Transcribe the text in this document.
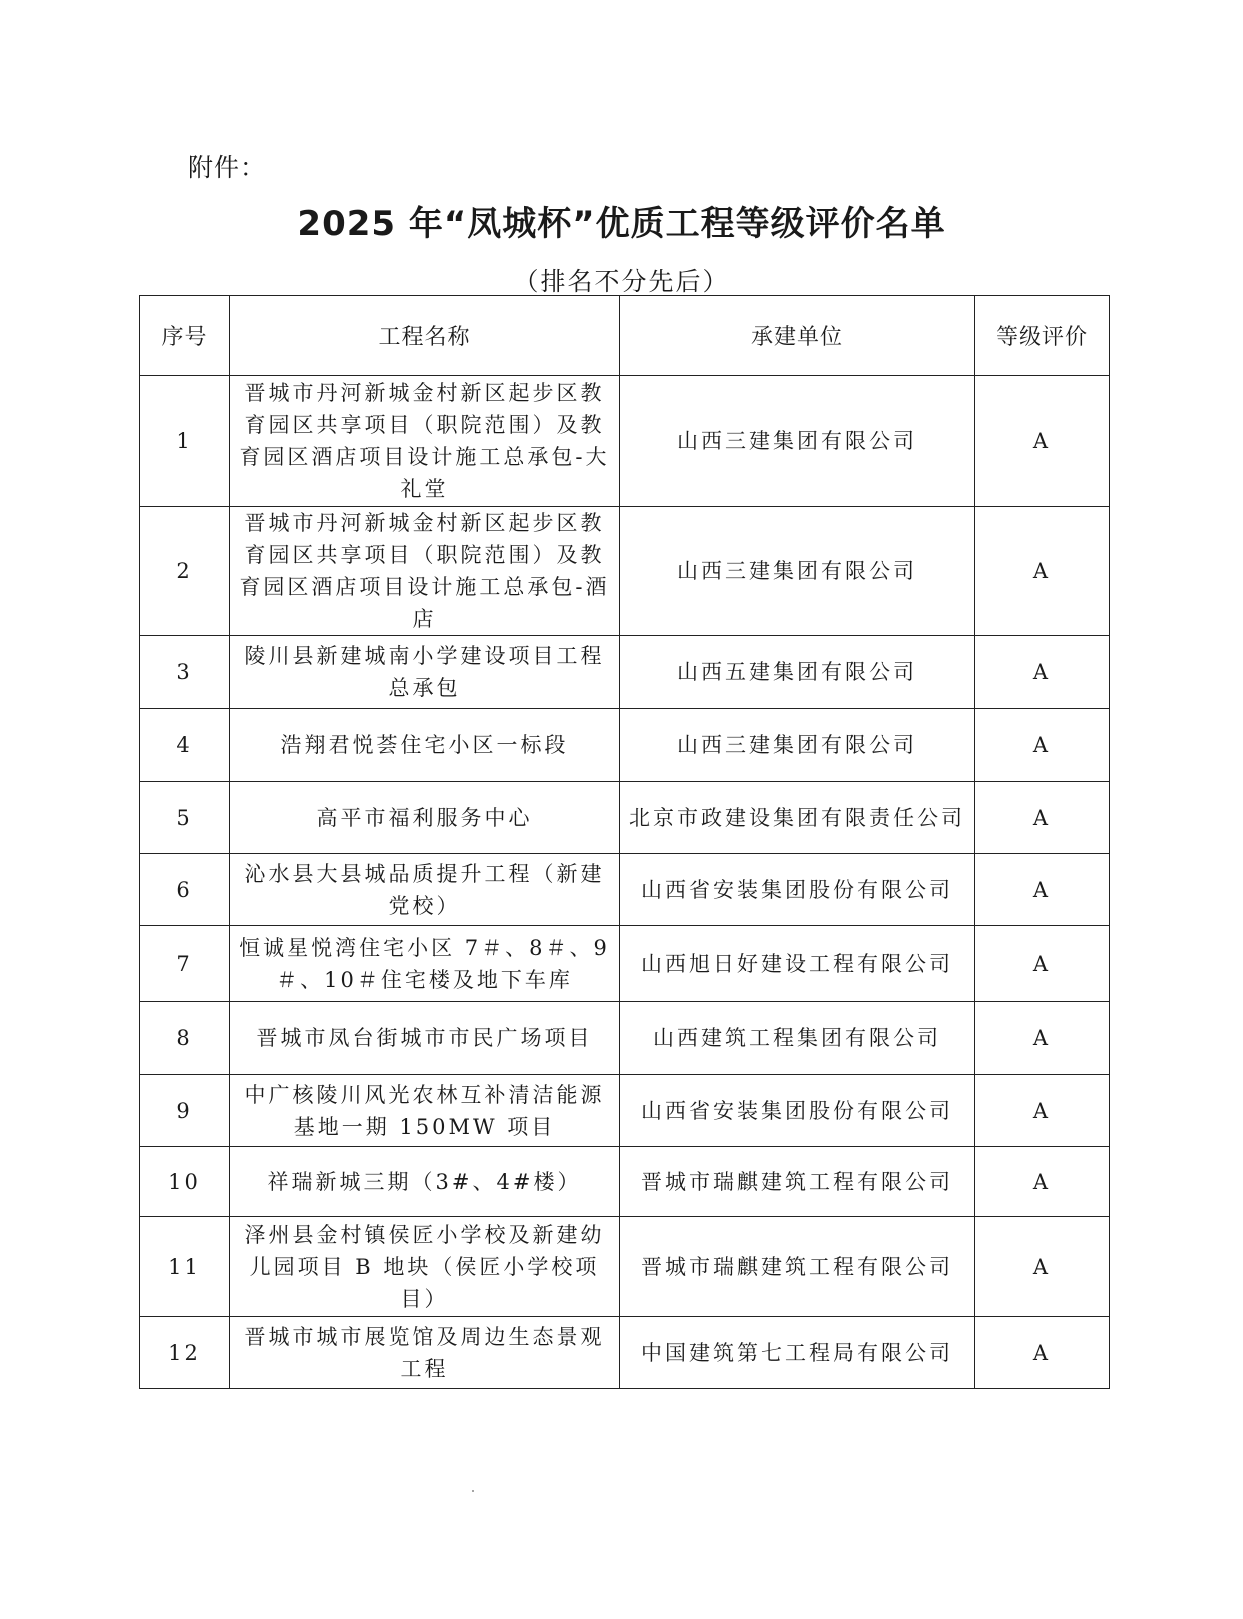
附件：
2025 年“凤城杯”优质工程等级评价名单
（排名不分先后）
序号	工程名称	承建单位	等级评价
1	晋城市丹河新城金村新区起步区教育园区共享项目（职院范围）及教育园区酒店项目设计施工总承包-大礼堂	山西三建集团有限公司	A
2	晋城市丹河新城金村新区起步区教育园区共享项目（职院范围）及教育园区酒店项目设计施工总承包-酒店	山西三建集团有限公司	A
3	陵川县新建城南小学建设项目工程总承包	山西五建集团有限公司	A
4	浩翔君悦荟住宅小区一标段	山西三建集团有限公司	A
5	高平市福利服务中心	北京市政建设集团有限责任公司	A
6	沁水县大县城品质提升工程（新建党校）	山西省安装集团股份有限公司	A
7	恒诚星悦湾住宅小区 7＃、8＃、9＃、10＃住宅楼及地下车库	山西旭日好建设工程有限公司	A
8	晋城市凤台街城市市民广场项目	山西建筑工程集团有限公司	A
9	中广核陵川风光农林互补清洁能源基地一期 150MW 项目	山西省安装集团股份有限公司	A
10	祥瑞新城三期（3#、4#楼）	晋城市瑞麒建筑工程有限公司	A
11	泽州县金村镇侯匠小学校及新建幼儿园项目 B 地块（侯匠小学校项目）	晋城市瑞麒建筑工程有限公司	A
12	晋城市城市展览馆及周边生态景观工程	中国建筑第七工程局有限公司	A
